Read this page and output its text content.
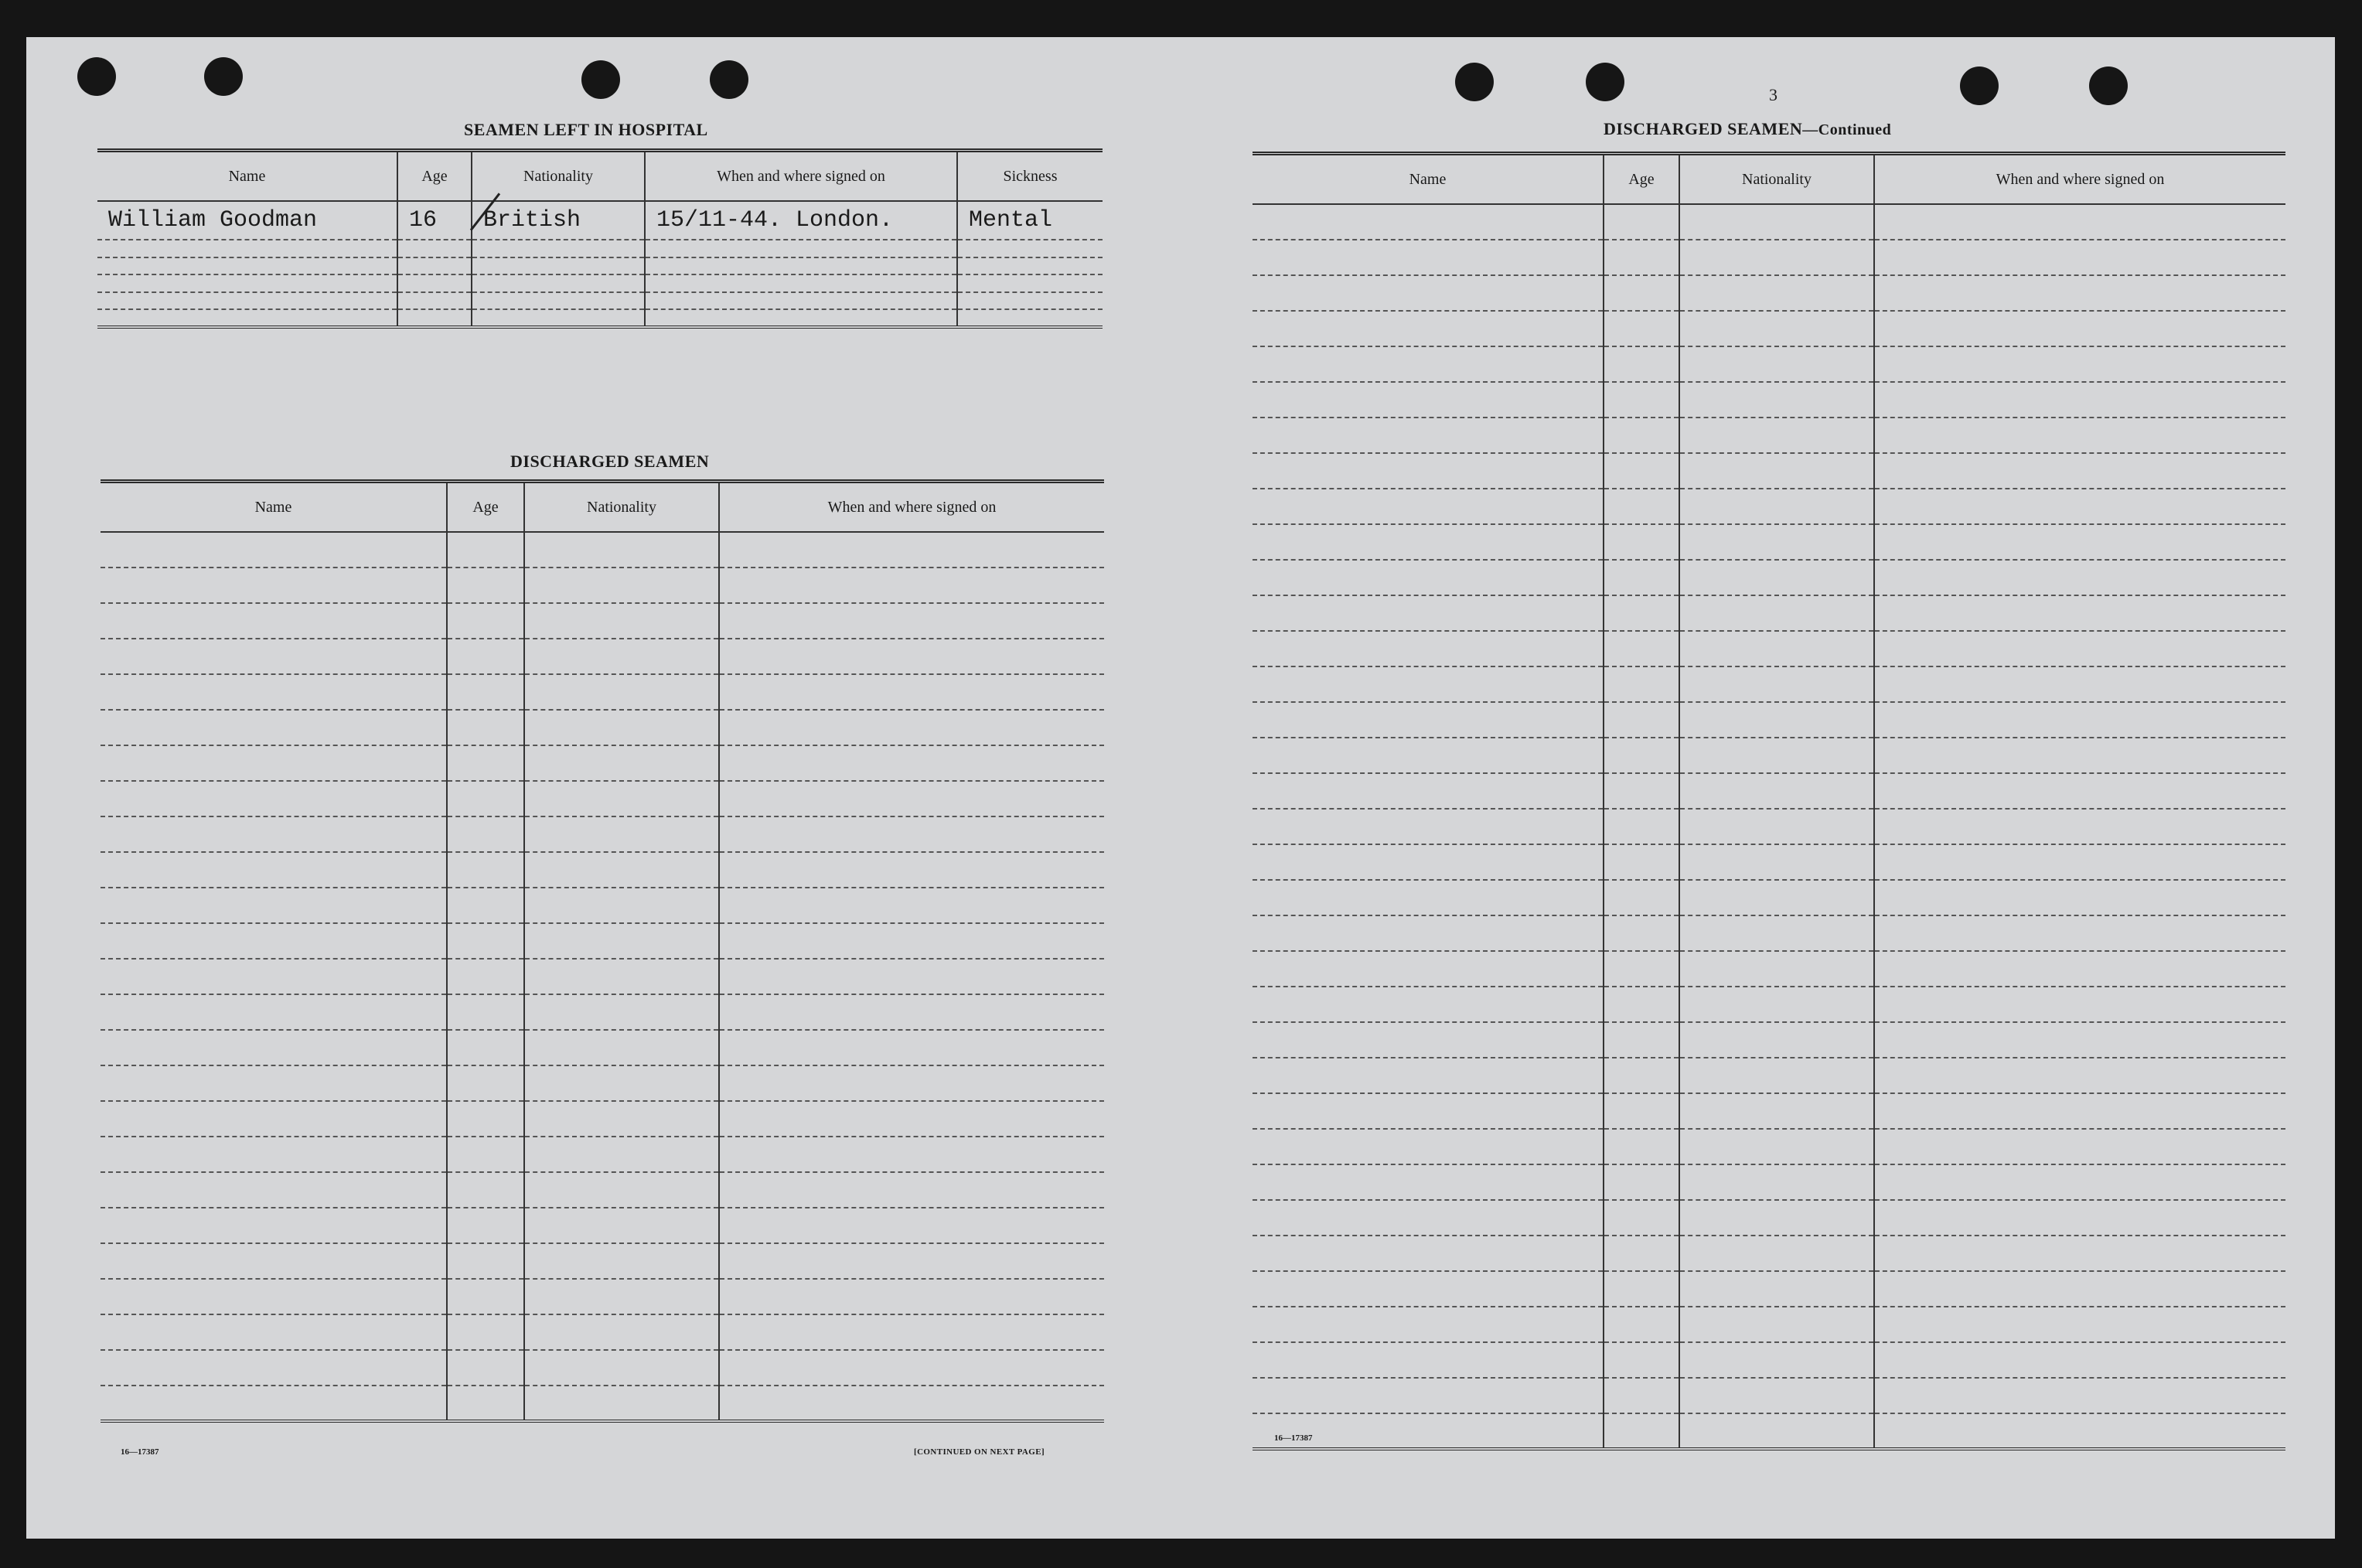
SEAMEN LEFT IN HOSPITAL
Name	Age	Nationality	When and where signed on	Sickness
William Goodman	16	British	15/11-44. London.	Mental

DISCHARGED SEAMEN
Name	Age	Nationality	When and where signed on

16—17387	[CONTINUED ON NEXT PAGE]
3
DISCHARGED SEAMEN—Continued
Name	Age	Nationality	When and where signed on

16—17387
